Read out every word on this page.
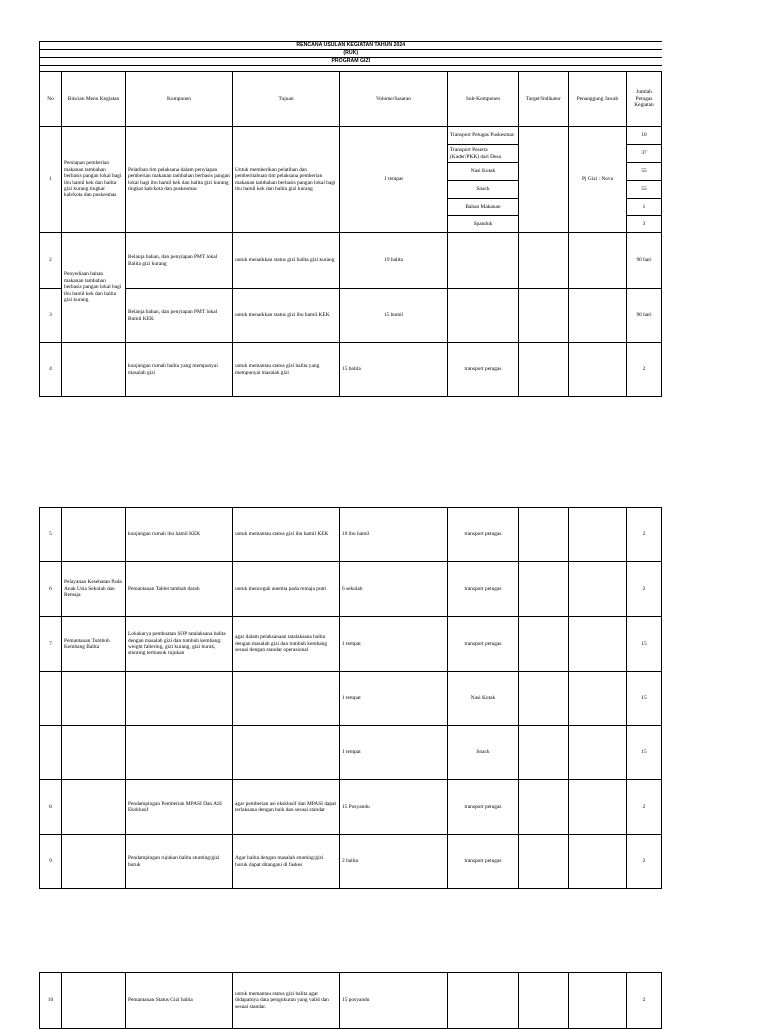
RENCANA USULAN KEGIATAN TAHUN 2024								
(RUK)								
PROGRAM GIZI								

No	Rincian Menu Kegiatan	Komponen	Tujuan	Volume/Sasaran	Sub-Komponen	Target/Indikator	Penanggung Jawab	Jumlah Petugas Kegiatan
1	Persiapan pemberian makanan tambahan berbasis pangan lokal bagi ibu hamil kek dan balita gizi kurang tingkat kab/kota dan puskesmas	Pelatihan tim pelaksana dalam penyiapan pemberian makanan tambahan berbasis pangan lokal bagi ibu hamil kek dan balita gizi kurang tingkat kab/kota dan puskesmas	Untuk memberikan pelatihan dan pemberitahuan tim pelaksana pemberian makanan tambahan berbasis pangan lokal bagi ibu hamil kek dan balita gizi kurang	1 tempat	Transport Petugas Puskesmas		Pj Gizi : Nova	10
					Transport Peserta (Kader/PKK) dari Desa			37
					Nasi Kotak			55
					Snack			55
					Bahan Makanan			1
					Spanduk			3
2	Penyediaan bahan makanan tambahan berbasis pangan lokal bagi ibu hamil kek dan balita gizi kurang	Belanja bahan, dan penyiapan PMT lokal Balita gizi kurang	untuk menaikkan status gizi balita gizi kurang	19 balita				90 hari
3		Belanja bahan, dan penyiapan PMT lokal Bumil KEK	untuk menaikkan status gizi ibu hamil KEK	15 bumil				90 hari
4		kunjungan rumah balita yang mempunyai masalah gizi	untuk memantau status gizi balita yang mempunyai masalah gizi	15 balita	transport petugas			2
5		kunjungan rumah ibu hamil KEK	untuk memantau status gizi ibu hamil KEK	10 ibu hamil	transport petugas			2
6	Pelayanan Kesehatan Pada Anak Usia Sekolah dan Remaja	Pemantauan Tablet tambah darah	untuk mencegah anemia pada remaja putri	6 sekolah	transport petugas			2
7	Pemantauan Tumbuh Kembang Balita	Lokakarya pembuatan SOP tatalaksana balita dengan masalah gizi dan tumbuh kembang: weight faltering, gizi kurang, gizi buruk, stunting termasuk rujukan	agar dalam pelaksanaan tatalaksana balita dengan masalah gizi dan tumbuh kembang sesuai dengan standar operasional	1 tempat	transport petugas			15
				1 tempat	Nasi Kotak			15
				1 tempat	Snack			15
8		Pendampingan Pemberian MPASI Dan ASI Eksklusif	agar pemberian asi eksklusif dan MPASI dapat terlaksana dengan baik dan sesuai standar	15 Posyandu	transport petugas			2
9		Pendampingan rujukan balita stunting/gizi buruk	Agar balita dengan masalah stunting/gizi buruk dapat ditangani di faskes	2 balita	transport petugas			2
10		Pemantauan Status Gizi balita	untuk memantau status gizi balita agar didapatnya data pengukuran yang valid dan sesuai standar.	15 posyandu				2
